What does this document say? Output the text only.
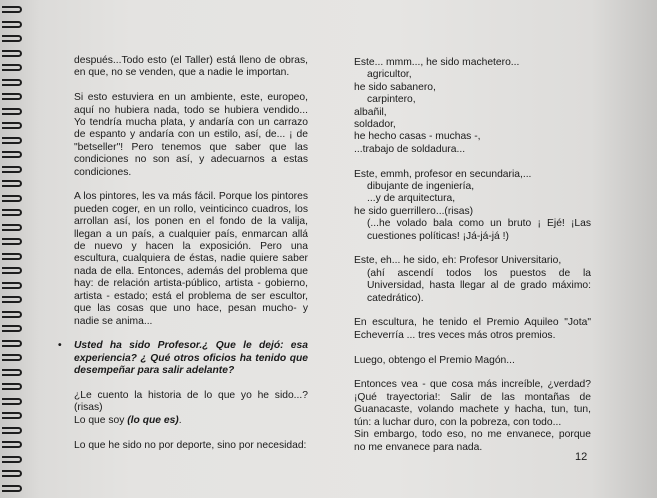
después...Todo esto (el Taller) está lleno de obras, en que, no se venden, que a nadie le importan.

Si esto estuviera en un ambiente, este, europeo, aquí no hubiera nada, todo se hubiera vendido... Yo tendría mucha plata, y andaría con un carrazo de espanto y andaría con un estilo, así, de... ¡ de "betseller"! Pero tenemos que saber que las condiciones no son así, y adecuarnos a estas condiciones.

A los pintores, les va más fácil. Porque los pintores pueden coger, en un rollo, veinticinco cuadros, los arrollan así, los ponen en el fondo de la valija, llegan a un país, a cualquier país, enmarcan allá de nuevo y hacen la exposición. Pero una escultura, cualquiera de éstas, nadie quiere saber nada de ella. Entonces, además del problema que hay: de relación artista-público, artista - gobierno, artista - estado; está el problema de ser escultor, que las cosas que uno hace, pesan mucho- y nadie se anima...

• Usted ha sido Profesor.¿ Que le dejó: esa experiencia? ¿ Qué otros oficios ha tenido que desempeñar para salir adelante?

¿Le cuento la historia de lo que yo he sido...? (risas)

Lo que soy (lo que es).

Lo que he sido no por deporte, sino por necesidad:

Este... mmm..., he sido machetero...

agricultor,

he sido sabanero,

carpintero,

albañil,

soldador,

he hecho casas - muchas -,

...trabajo de soldadura...

Este, emmh, profesor en secundaria,...

dibujante de ingeniería,

...y de arquitectura,

he sido guerrillero...(risas)

(...he volado bala como un bruto ¡ Ejé! ¡Las cuestiones políticas! ¡Já-já-já !)

Este, eh... he sido, eh: Profesor Universitario,

(ahí ascendí todos los puestos de la Universidad, hasta llegar al de grado máximo: catedrático).

En escultura, he tenido el Premio Aquileo "Jota" Echeverría ... tres veces más otros premios.

Luego, obtengo el Premio Magón...

Entonces vea - que cosa más increíble, ¿verdad? ¡Qué trayectoria!: Salir de las montañas de Guanacaste, volando machete y hacha, tun, tun, tún: a luchar duro, con la pobreza, con todo...

Sin embargo, todo eso, no me envanece, porque no me envanece para nada.

12
